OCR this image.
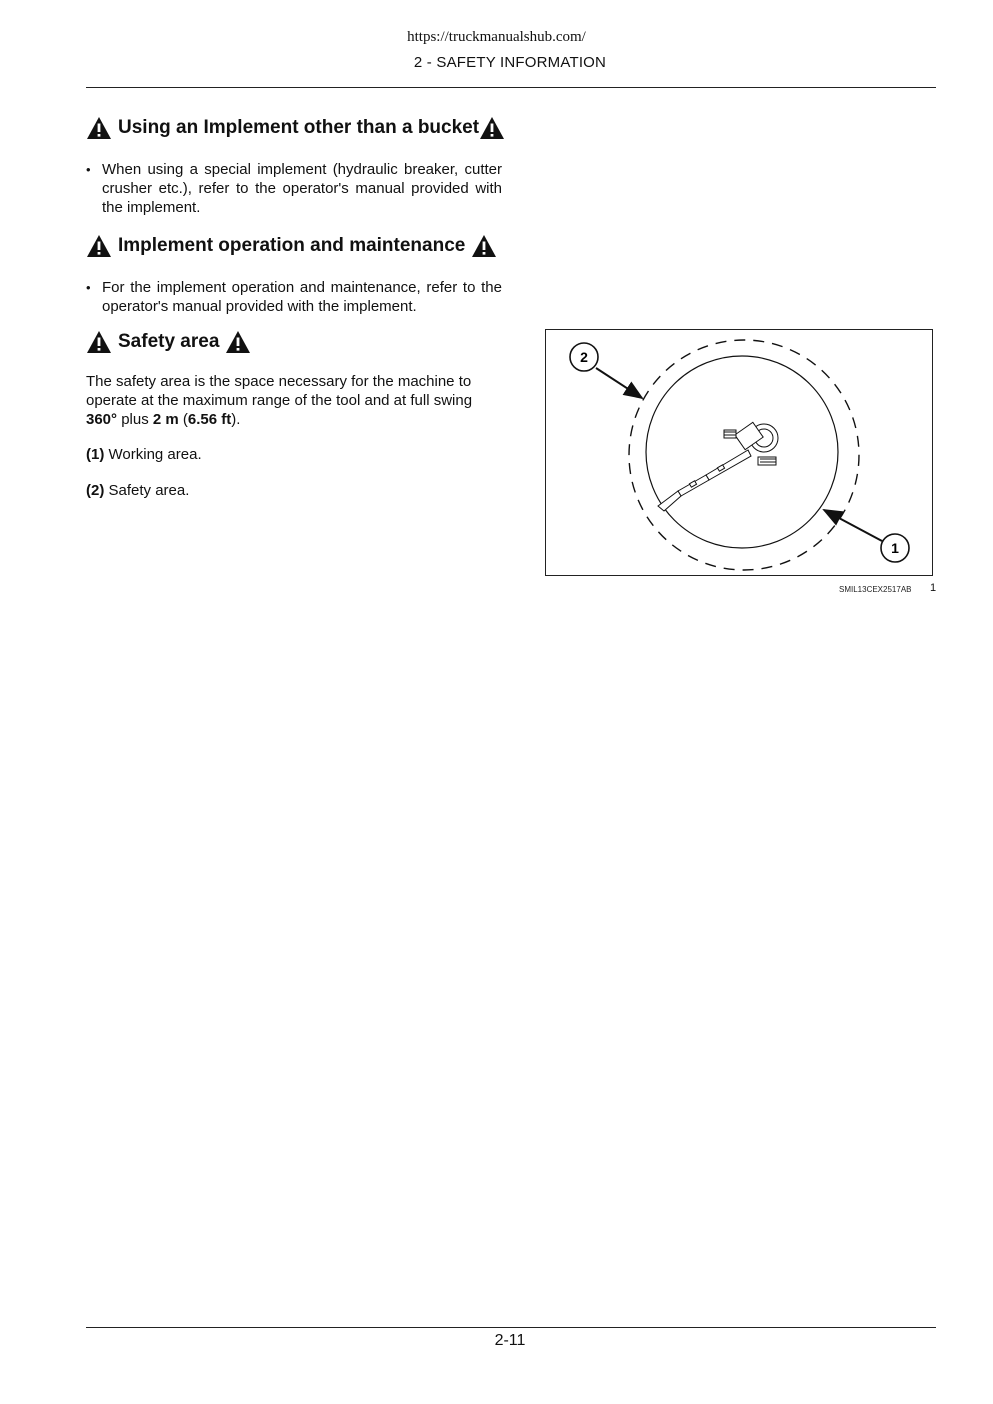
https://truckmanualshub.com/
2 - SAFETY INFORMATION
Using an Implement other than a bucket
• When using a special implement (hydraulic breaker, cutter crusher etc.), refer to the operator's manual provided with the implement.
Implement operation and maintenance
• For the implement operation and maintenance, refer to the operator's manual provided with the implement.
Safety area

The safety area is the space necessary for the machine to operate at the maximum range of the tool and at full swing 360° plus 2 m (6.56 ft).

(1) Working area.

(2) Safety area.

2
1
SMIL13CEX2517AB 1
2-11
